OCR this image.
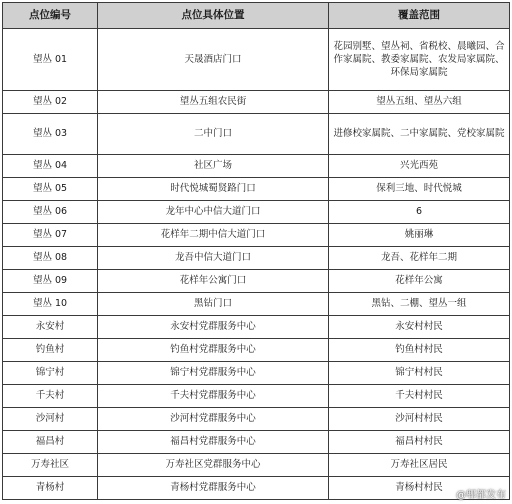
点位编号	点位具体位置	覆盖范围
望丛 01	天晟酒店门口	花园别墅、望丛祠、省税校、晨曦园、合作家属院、教委家属院、农发局家属院、环保局家属院
望丛 02	望丛五组农民街	望丛五组、望丛六组
望丛 03	二中门口	进修校家属院、二中家属院、党校家属院
望丛 04	社区广场	兴光西苑
望丛 05	时代悦城蜀贤路门口	保利三地、时代悦城
望丛 06	龙年中心中信大道门口	6
望丛 07	花样年二期中信大道门口	姚丽琳
望丛 08	龙吾中信大道门口	龙吾、花样年二期
望丛 09	花样年公寓门口	花样年公寓
望丛 10	黑钻门口	黑钻、二棚、望丛一组
永安村	永安村党群服务中心	永安村村民
钓鱼村	钓鱼村党群服务中心	钓鱼村村民
锦宁村	锦宁村党群服务中心	锦宁村村民
千夫村	千夫村党群服务中心	千夫村村民
沙河村	沙河村党群服务中心	沙河村村民
福昌村	福昌村党群服务中心	福昌村村民
万寿社区	万寿社区党群服务中心	万寿社区居民
青杨村	青杨村党群服务中心	青杨村村民
@郫都发布
